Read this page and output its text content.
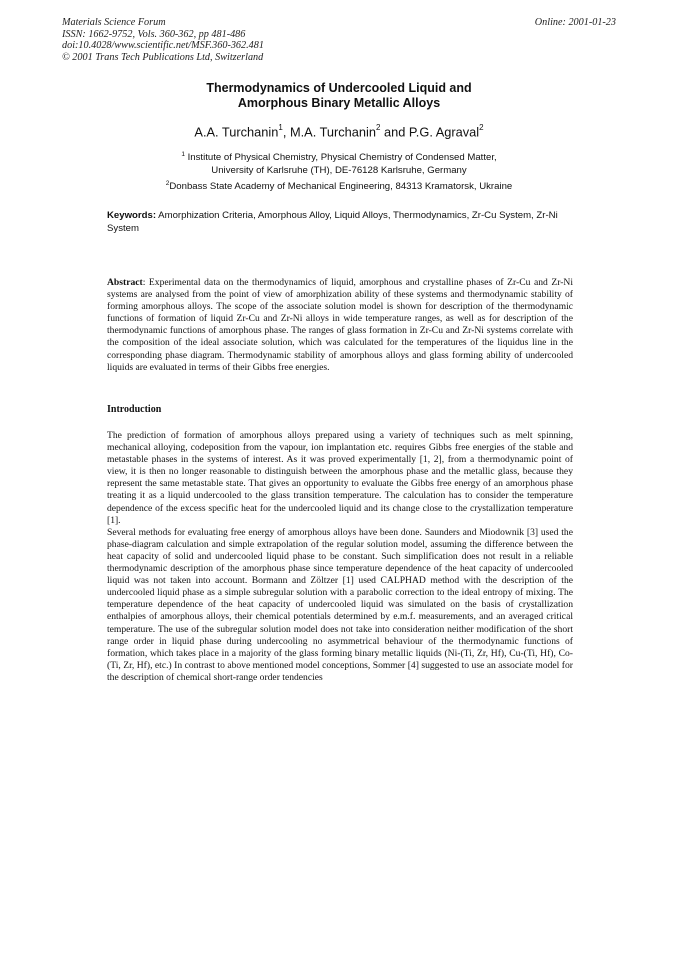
Materials Science Forum
ISSN: 1662-9752, Vols. 360-362, pp 481-486
doi:10.4028/www.scientific.net/MSF.360-362.481
© 2001 Trans Tech Publications Ltd, Switzerland
Online: 2001-01-23
Thermodynamics of Undercooled Liquid and
Amorphous Binary Metallic Alloys
A.A. Turchanin$^1$, M.A. Turchanin$^2$ and P.G. Agraval$^2$
$^1$ Institute of Physical Chemistry, Physical Chemistry of Condensed Matter,
University of Karlsruhe (TH), DE-76128 Karlsruhe, Germany
$^2$Donbass State Academy of Mechanical Engineering, 84313 Kramatorsk, Ukraine
Keywords: Amorphization Criteria, Amorphous Alloy, Liquid Alloys, Thermodynamics, Zr-Cu System, Zr-Ni System
Abstract: Experimental data on the thermodynamics of liquid, amorphous and crystalline phases of Zr-Cu and Zr-Ni systems are analysed from the point of view of amorphization ability of these systems and thermodynamic stability of forming amorphous alloys. The scope of the associate solution model is shown for description of the thermodynamic functions of formation of liquid Zr-Cu and Zr-Ni alloys in wide temperature ranges, as well as for description of the thermodynamic functions of amorphous phase. The ranges of glass formation in Zr-Cu and Zr-Ni systems correlate with the composition of the ideal associate solution, which was calculated for the temperatures of the liquidus line in the corresponding phase diagram. Thermodynamic stability of amorphous alloys and glass forming ability of undercooled liquids are evaluated in terms of their Gibbs free energies.
Introduction

The prediction of formation of amorphous alloys prepared using a variety of techniques such as melt spinning, mechanical alloying, codeposition from the vapour, ion implantation etc. requires Gibbs free energies of the stable and metastable phases in the systems of interest. As it was proved experimentally [1, 2], from a thermodynamic point of view, it is then no longer reasonable to distinguish between the amorphous phase and the metallic glass, because they represent the same metastable state. That gives an opportunity to evaluate the Gibbs free energy of an amorphous phase treating it as a liquid undercooled to the glass transition temperature. The calculation has to consider the temperature dependence of the excess specific heat for the undercooled liquid and its change close to the crystallization temperature [1].

Several methods for evaluating free energy of amorphous alloys have been done. Saunders and Miodownik [3] used the phase-diagram calculation and simple extrapolation of the regular solution model, assuming the difference between the heat capacity of solid and undercooled liquid phase to be constant. Such simplification does not result in a reliable thermodynamic description of the amorphous phase since temperature dependence of the heat capacity of undercooled liquid was not taken into account. Bormann and Zöltzer [1] used CALPHAD method with the description of the undercooled liquid phase as a simple subregular solution with a parabolic correction to the ideal entropy of mixing. The temperature dependence of the heat capacity of undercooled liquid was simulated on the basis of crystallization enthalpies of amorphous alloys, their chemical potentials determined by e.m.f. measurements, and an averaged critical temperature. The use of the subregular solution model does not take into consideration neither modification of the short range order in liquid phase during undercooling no asymmetrical behaviour of the thermodynamic functions of formation, which takes place in a majority of the glass forming binary metallic liquids (Ni-(Ti, Zr, Hf), Cu-(Ti, Hf), Co-(Ti, Zr, Hf), etc.) In contrast to above mentioned model conceptions, Sommer [4] suggested to use an associate model for the description of chemical short-range order tendencies
